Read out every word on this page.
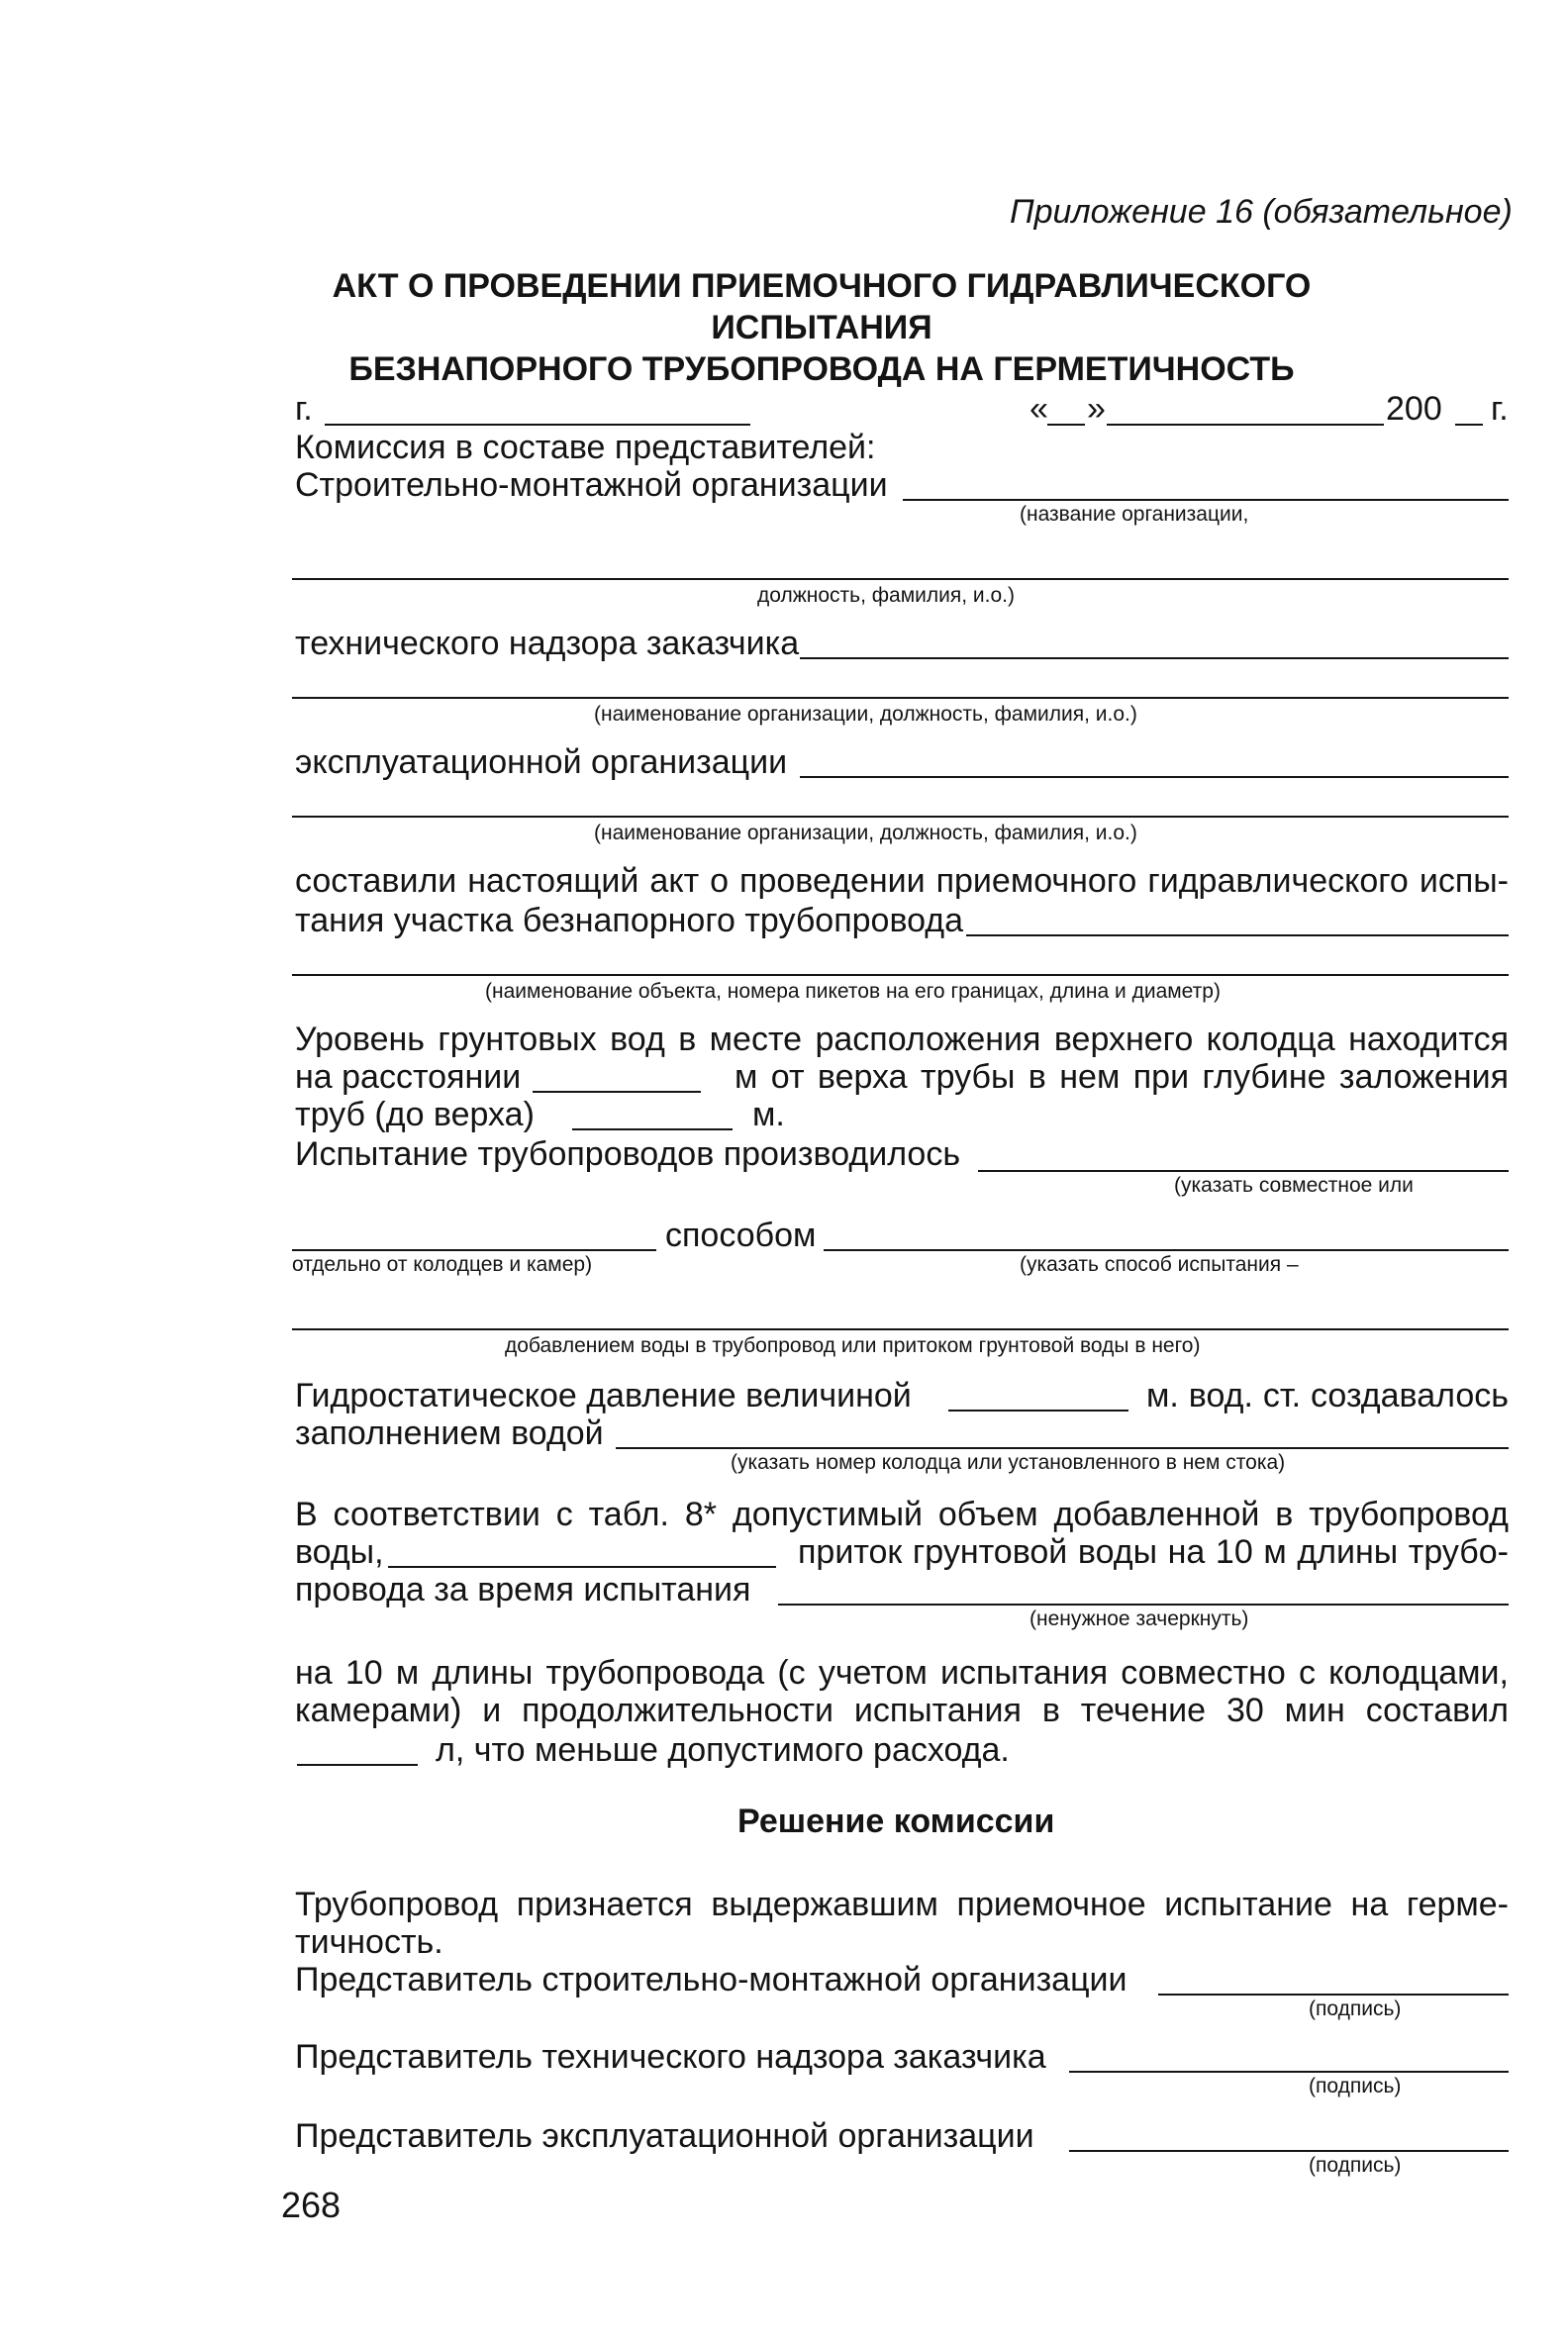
Приложение 16 (обязательное)
АКТ О ПРОВЕДЕНИИ ПРИЕМОЧНОГО ГИДРАВЛИЧЕСКОГО ИСПЫТАНИЯ
БЕЗНАПОРНОГО ТРУБОПРОВОДА НА ГЕРМЕТИЧНОСТЬ
г.	« »	200 г.
Комиссия в составе представителей:
Строительно-монтажной организации
(название организации,
должность, фамилия, и.о.)
технического надзора заказчика
(наименование организации, должность, фамилия, и.о.)
эксплуатационной организации
(наименование организации, должность, фамилия, и.о.)
составили настоящий акт о проведении приемочного гидравлического испы-
тания участка безнапорного трубопровода
(наименование объекта, номера пикетов на его границах, длина и диаметр)
Уровень грунтовых вод в месте расположения верхнего колодца находится
на расстоянии	м от верха трубы в нем при глубине заложения
труб (до верха)	м.
Испытание трубопроводов производилось
(указать совместное или
способом
отдельно от колодцев и камер)	(указать способ испытания –
добавлением воды в трубопровод или притоком грунтовой воды в него)
Гидростатическое давление величиной	м. вод. ст. создавалось
заполнением водой
(указать номер колодца или установленного в нем стока)
В соответствии с табл. 8* допустимый объем добавленной в трубопровод
воды,	приток грунтовой воды на 10 м длины трубо-
провода за время испытания
(ненужное зачеркнуть)
на 10 м длины трубопровода (с учетом испытания совместно с колодцами,
камерами) и продолжительности испытания в течение 30 мин составил
л, что меньше допустимого расхода.
Решение комиссии
Трубопровод признается выдержавшим приемочное испытание на герме-
тичность.
Представитель строительно-монтажной организации
(подпись)
Представитель технического надзора заказчика
(подпись)
Представитель эксплуатационной организации
(подпись)
268
